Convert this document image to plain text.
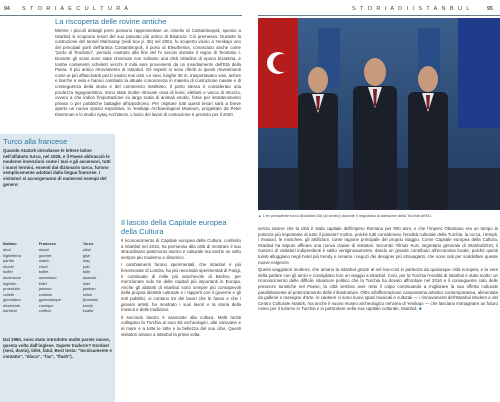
94 S T O R I A E C U L T U R A	S T O R I A D I I S T A N B U L	95
La riscoperta delle rovine antiche

Mentre i piccoli dettagli presi possono rappresentare un cimelio di Costantinopoli, spesso a Istanbul si scoprono tesori del suo passato più antico di Bisanzio. Ciò premesso. Durante la costruzione del tunnel Marmaray (vedi box p. 36) nel 2004, fu scoperto vicino a Yenikapı uno dei principali porti dell'antica Costantinopoli, il porto di Eleutherios, conosciuto anche come "porto di Teodosio", periodo costruito alla fine del IV secolo durante il regno di Teodosio I. Durante gli scavi sono state rinvenute non soltanto una città cittadina di epoca bizantina, e tombe contenenti scheletri vecchi 8 mila anni provenienti da un insediamento dell'Età della Pietra. Il più antico ritrovamento di Istanbul. Gli esperti si sono riferiti ai questi rinvenimenti come ai più affascinanti pezzi nautici mai visti. Le navi, lunghe 36 m, trasportavano vasi, anfore e barche a vela e hanno cambiato la attuale conoscenza in materia di costruzione navale e di conseguenza della storia e del commercio marittimo. Il porto stesso è considerato una prodezza ingegneristica. Sono state inoltre ritrovate ossa di leoni, elefanti e vacca di struzzo, ovvero a che indica l'importazione su larga scala di animali esotici, forse per intrattenimento privato o per pubbliche battaglie all'ippodromo. Per ospitare tutti questi tesori sarà a breve aperto un nuovo spazio espositivo, lo Yenikapı Archaeological Museum, progettato da Peter Eisenman e lo studio Aytaç Architects. L'inizio dei lavori di costruzione è previsto per il 2020.

Turco alla francese
Quando Atatürk introdusse le lettere latine nell'alfabeto turco, nel 1928, e il Paese abbracciò le moderne invenzioni come i taxi e gli ascensori, tutti i nuovi termini, essenti dal dizionario turco, furono semplicemente adottati dalla lingua francese. I visitatori si accorgeranno di numerosi esempi del genere:
Italiano	Francese	Turco
alcol	alcool	alkol
biglietteria	guichet	gişe
partita	match	maç
shock!	choc!	şok!
buffet	buffet	büfe
ascensore	ascenseur	asansör
biglietto	billet	bilet
prosciutto	jambon	jambon
colletti	collants	kolon
ginnastica	gymnastique	jimnastik
divertente	comique	komik
barbiere	coiffeur	kuaför
Dal 1980, sono stato introdotto molte parole nuove, questa volta dall'inglese. Sapete tradurre? Kordast (sesi, dostu), bilet, fatul, Best testa: "tecnicamente e contatto", "disco", "fax", "flash").
Il lascito della Capitale europea della Cultura

Il riconoscimento di Capitale europea della Cultura, conferito a Istanbul nel 2010, ha permesso alla città di mostrare il suo straordinario patrimonio storico e culturale ma anche un volto sempre più moderno e dinamico.

I cambiamenti furono sperimentali, che Istanbul è più fenomenale di Londra, ha più necessità sperimentali di Parigi, è continuato di mille più amichevole di Berlino, per menzionare solo tre delle capitali più importanti in Europa. Anche gli abitanti di Istanbul sono sempre più consapevoli della propria identità culturale e i rapporti con il governo e gli enti pubblici, si contano tre dei lavori che le fanno e che i giovani artisti, ha mostrato i suoi lavori e la storia della musica e delle tradizioni.

Il secondo lascito è associato alla cultura. Molti turisti collegano la Turchia ai suoi siti archeologici, alle carovane e al mare e a tutte le lotte e la bellezza del suo cibo. Questi visitatori amano a Istanbul la prima volta.

▲ L'ex presidente turco Abdullah Gül (al centro) durante il negoziato di adesione della Turchia all'EU.

senza essere che la città è stata capitale dell'impero Romano per 900 anni, e che l'impero Ottomano era un tempo la potenza più importante di tutto il pianeta? Inoltre, poichè tutti considerano l'eredità culturale della Turchia, la rocca, i templi, i mosaici, le moschee, gli artifizioni, come ragione principale del proprio viaggio. Come Capitale europea della Cultura, Istanbul ha saputo affinare una nuova classe di visitatori. Secondo Yilmaz Kurt, segretario generale di Istanbul2010, il numero di visitatori indipendenti è salito vertiginosamente, dando un grande contributo all'economia locale, poichè questi turisti alloggiano negli hotel più trendy e cenano i negozi dei designer più stravaganti, che sono nati per soddisfare queste nuove esigenze.

Questi viaggiatori moderni, che amano la Istanbul grazie al nel low-cost in partenza da qualunque città europea, e la vera della parlare con gli amici e consigliano loro un viaggio a Istanbul. Così, per la Turchia l'eredità di Istanbul è stato molto: un riconoscimento delle difficile situazioni politico che la Turchia ha dovuto affrontare nel 2016 e il conseguente calo delle presenze turistiche nel Paese, la città sembra aver retto il colpo continuando a migliorare la sua offerta culturale parallelamente al potenziamento delle infrastrutture. Oltre all'affermazione canavissima artistico contemporanea, alimentata da gallerie e rassegne d'arte, in cantiere ci sono nuovi spazi musicali e culturali — i rinnovamenti dell'Istanbul Modern e del Centro Culturale Atatürk, ma anche il nuovo museo archeologico nel'area di Yenikapı — che lasciano immaginare un futuro roseo per il turismo in Turchia e in particolare nella sua capitale culturale, Istanbul. ■
